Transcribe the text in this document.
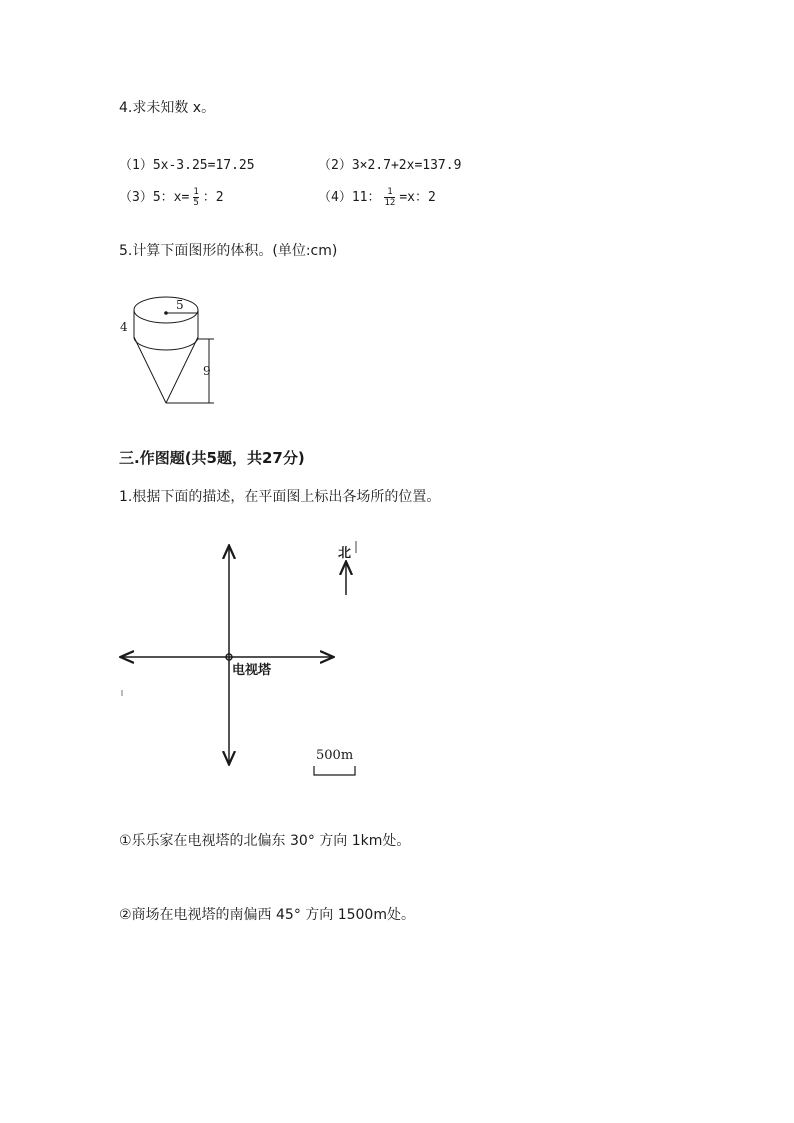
4.求未知数 x。
（1）5x-3.25=17.25	（2）3×2.7+2x=137.9
（3）5：$x= \frac{1}{5}$ ：2	（4）11： $\frac{1}{12} =x$：2
5.计算下面图形的体积。(单位:cm)
5
4
9
三.作图题(共5题，共27分)
1.根据下面的描述，在平面图上标出各场所的位置。
电视塔
北
500m
①乐乐家在电视塔的北偏东 30° 方向 1km处。
②商场在电视塔的南偏西 45° 方向 1500m处。
